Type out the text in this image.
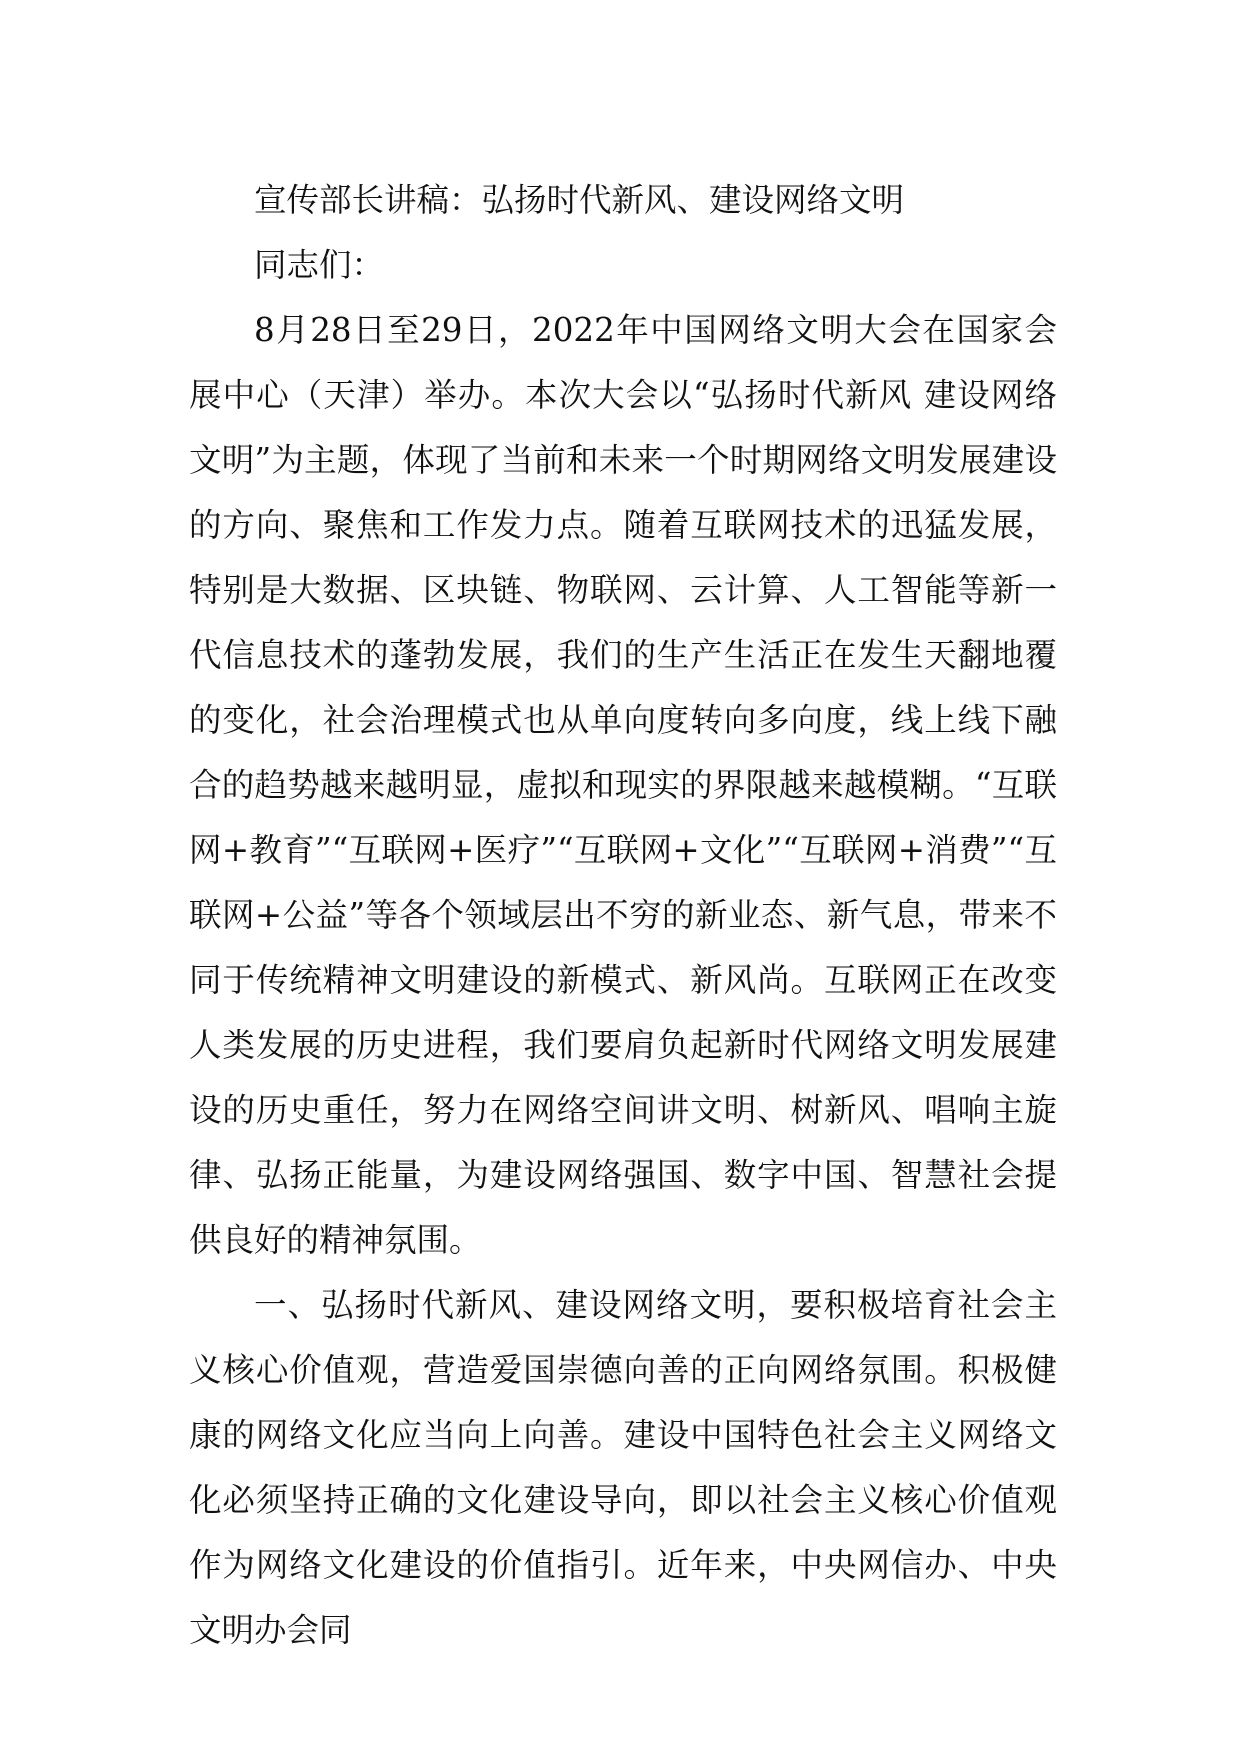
宣传部长讲稿：弘扬时代新风、建设网络文明

同志们：

8月28日至29日，2022年中国网络文明大会在国家会展中心（天津）举办。本次大会以“弘扬时代新风 建设网络文明”为主题，体现了当前和未来一个时期网络文明发展建设的方向、聚焦和工作发力点。随着互联网技术的迅猛发展，特别是大数据、区块链、物联网、云计算、人工智能等新一代信息技术的蓬勃发展，我们的生产生活正在发生天翻地覆的变化，社会治理模式也从单向度转向多向度，线上线下融合的趋势越来越明显，虚拟和现实的界限越来越模糊。“互联网+教育”“互联网+医疗”“互联网+文化”“互联网+消费”“互联网+公益”等各个领域层出不穷的新业态、新气息，带来不同于传统精神文明建设的新模式、新风尚。互联网正在改变人类发展的历史进程，我们要肩负起新时代网络文明发展建设的历史重任，努力在网络空间讲文明、树新风、唱响主旋律、弘扬正能量，为建设网络强国、数字中国、智慧社会提供良好的精神氛围。

一、弘扬时代新风、建设网络文明，要积极培育社会主义核心价值观，营造爱国崇德向善的正向网络氛围。积极健康的网络文化应当向上向善。建设中国特色社会主义网络文化必须坚持正确的文化建设导向，即以社会主义核心价值观作为网络文化建设的价值指引。近年来，中央网信办、中央文明办会同
